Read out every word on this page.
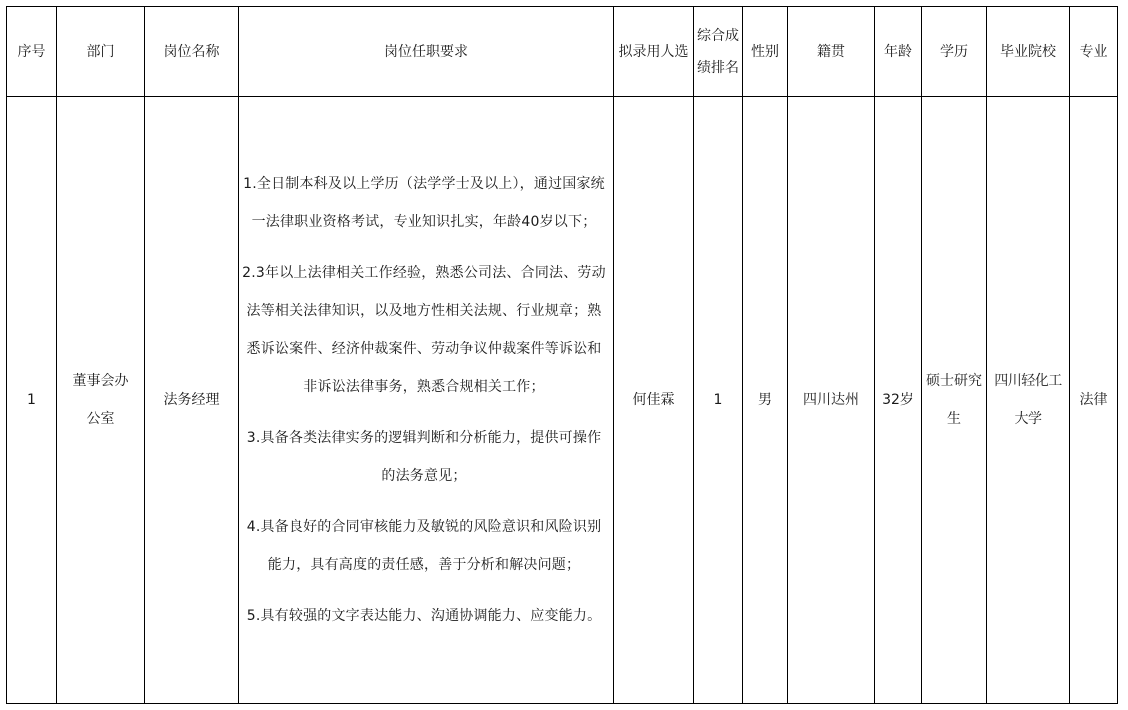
序号	部门	岗位名称	岗位任职要求	拟录用人选	综合成绩排名	性别	籍贯	年龄	学历	毕业院校	专业

1	董事会办公室	法务经理	1.全日制本科及以上学历（法学学士及以上），通过国家统一法律职业资格考试，专业知识扎实，年龄40岁以下；
2.3年以上法律相关工作经验，熟悉公司法、合同法、劳动法等相关法律知识，以及地方性相关法规、行业规章；熟悉诉讼案件、经济仲裁案件、劳动争议仲裁案件等诉讼和非诉讼法律事务，熟悉合规相关工作；
3.具备各类法律实务的逻辑判断和分析能力，提供可操作的法务意见；
4.具备良好的合同审核能力及敏锐的风险意识和风险识别能力，具有高度的责任感，善于分析和解决问题；
5.具有较强的文字表达能力、沟通协调能力、应变能力。	何佳霖	1	男	四川达州	32岁	硕士研究生	四川轻化工大学	法律
